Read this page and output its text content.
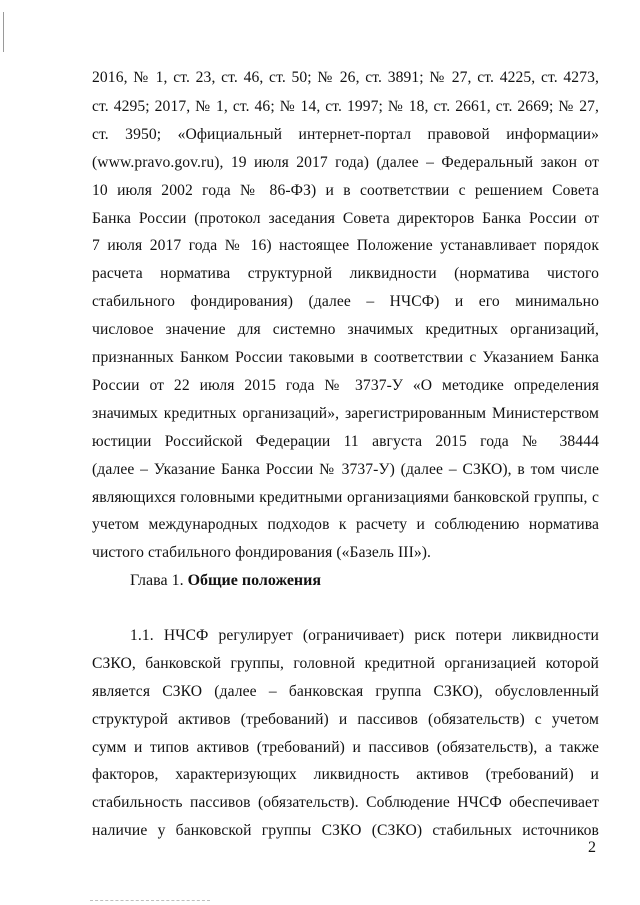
2016, № 1, ст. 23, ст. 46, ст. 50; № 26, ст. 3891; № 27, ст. 4225, ст. 4273,
ст. 4295; 2017, № 1, ст. 46; № 14, ст. 1997; № 18, ст. 2661, ст. 2669; № 27,
ст. 3950; «Официальный интернет-портал правовой информации»
(www.pravo.gov.ru), 19 июля 2017 года) (далее – Федеральный закон от
10 июля 2002 года № 86-ФЗ) и в соответствии с решением Совета
Банка России (протокол заседания Совета директоров Банка России от
7 июля 2017 года № 16) настоящее Положение устанавливает порядок
расчета норматива структурной ликвидности (норматива чистого
стабильного фондирования) (далее – НЧСФ) и его минимально
числовое значение для системно значимых кредитных организаций,
признанных Банком России таковыми в соответствии с Указанием Банка
России от 22 июля 2015 года № 3737-У «О методике определения
значимых кредитных организаций», зарегистрированным Министерством
юстиции Российской Федерации 11 августа 2015 года № 38444
(далее – Указание Банка России № 3737-У) (далее – СЗКО), в том числе
являющихся головными кредитными организациями банковской группы, с
учетом международных подходов к расчету и соблюдению норматива
чистого стабильного фондирования («Базель III»).
Глава 1. Общие положения
1.1. НЧСФ регулирует (ограничивает) риск потери ликвидности
СЗКО, банковской группы, головной кредитной организацией которой
является СЗКО (далее – банковская группа СЗКО), обусловленный
структурой активов (требований) и пассивов (обязательств) с учетом
сумм и типов активов (требований) и пассивов (обязательств), а также
факторов, характеризующих ликвидность активов (требований) и
стабильность пассивов (обязательств). Соблюдение НЧСФ обеспечивает
наличие у банковской группы СЗКО (СЗКО) стабильных источников
2
